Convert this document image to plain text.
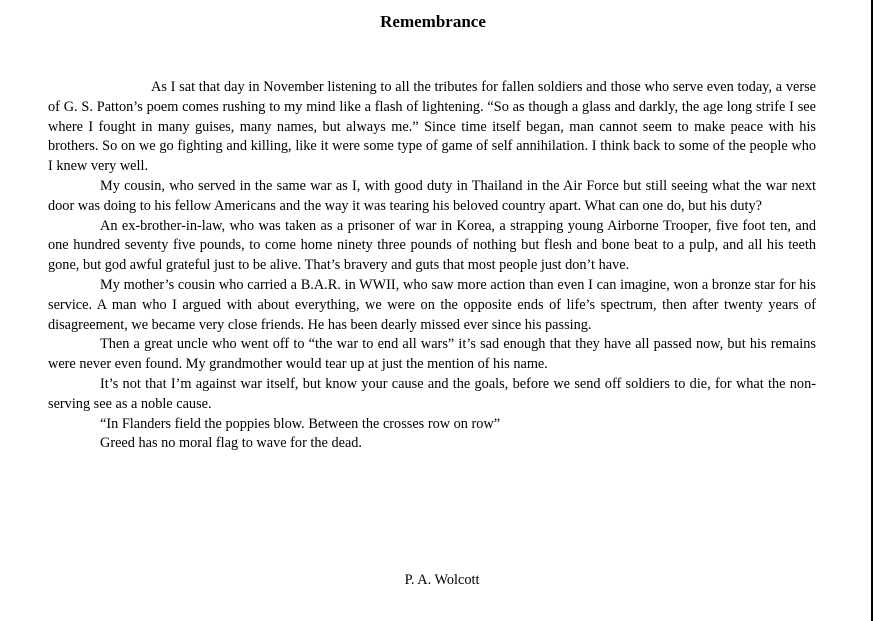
Remembrance

As I sat that day in November listening to all the tributes for fallen soldiers and those who serve even today, a verse of G. S. Patton’s poem comes rushing to my mind like a flash of lightening. “So as though a glass and darkly, the age long strife I see where I fought in many guises, many names, but always me.” Since time itself began, man cannot seem to make peace with his brothers. So on we go fighting and killing, like it were some type of game of self annihilation. I think back to some of the people who I knew very well.

My cousin, who served in the same war as I, with good duty in Thailand in the Air Force but still seeing what the war next door was doing to his fellow Americans and the way it was tearing his beloved country apart. What can one do, but his duty?

An ex-brother-in-law, who was taken as a prisoner of war in Korea, a strapping young Airborne Trooper, five foot ten, and one hundred seventy five pounds, to come home ninety three pounds of nothing but flesh and bone beat to a pulp, and all his teeth gone, but god awful grateful just to be alive. That’s bravery and guts that most people just don’t have.

My mother’s cousin who carried a B.A.R. in WWII, who saw more action than even I can imagine, won a bronze star for his service. A man who I argued with about everything, we were on the opposite ends of life’s spectrum, then after twenty years of disagreement, we became very close friends. He has been dearly missed ever since his passing.

Then a great uncle who went off to “the war to end all wars” it’s sad enough that they have all passed now, but his remains were never even found. My grandmother would tear up at just the mention of his name.

It’s not that I’m against war itself, but know your cause and the goals, before we send off soldiers to die, for what the non-serving see as a noble cause.

“In Flanders field the poppies blow. Between the crosses row on row”

Greed has no moral flag to wave for the dead.

P. A. Wolcott
